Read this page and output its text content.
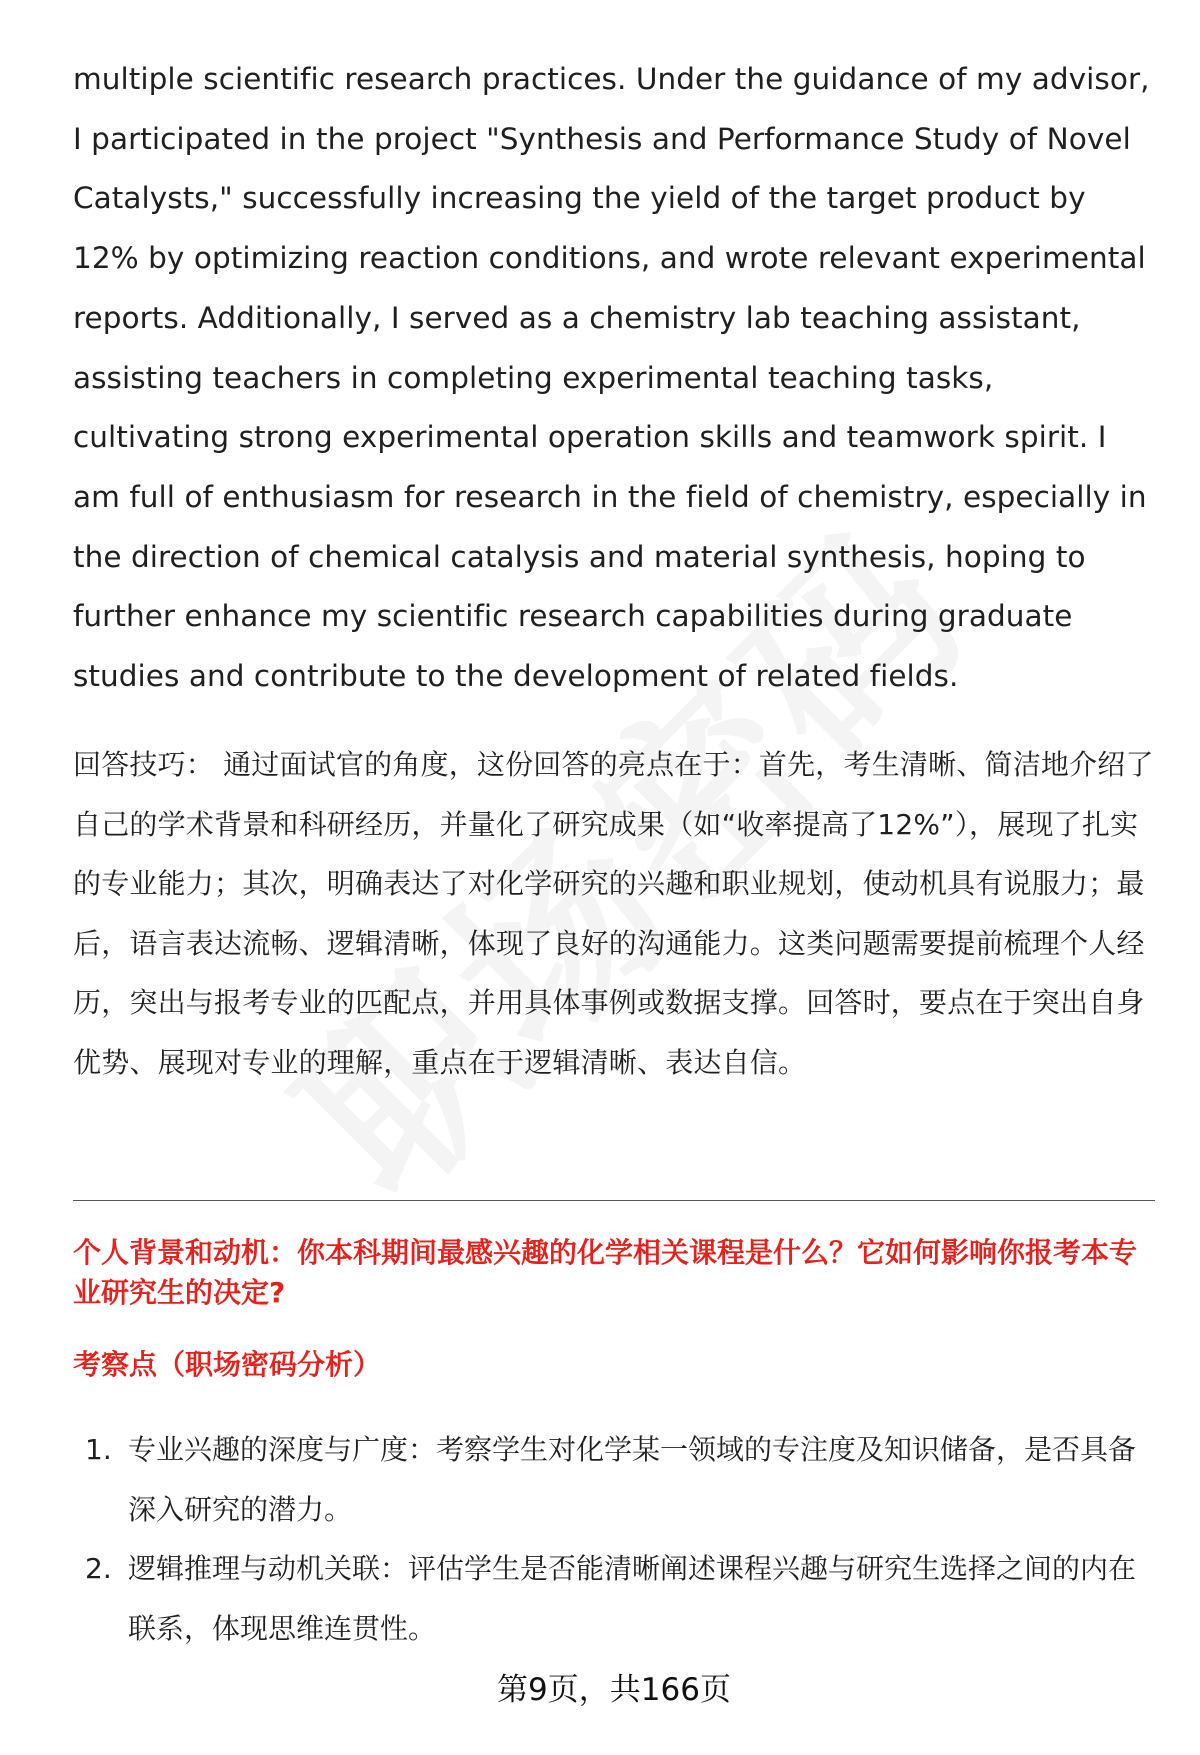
multiple scientific research practices. Under the guidance of my advisor, I participated in the project "Synthesis and Performance Study of Novel Catalysts," successfully increasing the yield of the target product by 12% by optimizing reaction conditions, and wrote relevant experimental reports. Additionally, I served as a chemistry lab teaching assistant, assisting teachers in completing experimental teaching tasks, cultivating strong experimental operation skills and teamwork spirit. I am full of enthusiasm for research in the field of chemistry, especially in the direction of chemical catalysis and material synthesis, hoping to further enhance my scientific research capabilities during graduate studies and contribute to the development of related fields.

回答技巧： 通过面试官的角度，这份回答的亮点在于：首先，考生清晰、简洁地介绍了自己的学术背景和科研经历，并量化了研究成果（如“收率提高了12%”），展现了扎实的专业能力；其次，明确表达了对化学研究的兴趣和职业规划，使动机具有说服力；最后，语言表达流畅、逻辑清晰，体现了良好的沟通能力。这类问题需要提前梳理个人经历，突出与报考专业的匹配点，并用具体事例或数据支撑。回答时，要点在于突出自身优势、展现对专业的理解，重点在于逻辑清晰、表达自信。

个人背景和动机：你本科期间最感兴趣的化学相关课程是什么？它如何影响你报考本专业研究生的决定?

考察点（职场密码分析）

1. 专业兴趣的深度与广度：考察学生对化学某一领域的专注度及知识储备，是否具备深入研究的潜力。
2. 逻辑推理与动机关联：评估学生是否能清晰阐述课程兴趣与研究生选择之间的内在联系，体现思维连贯性。
第9页，共166页
